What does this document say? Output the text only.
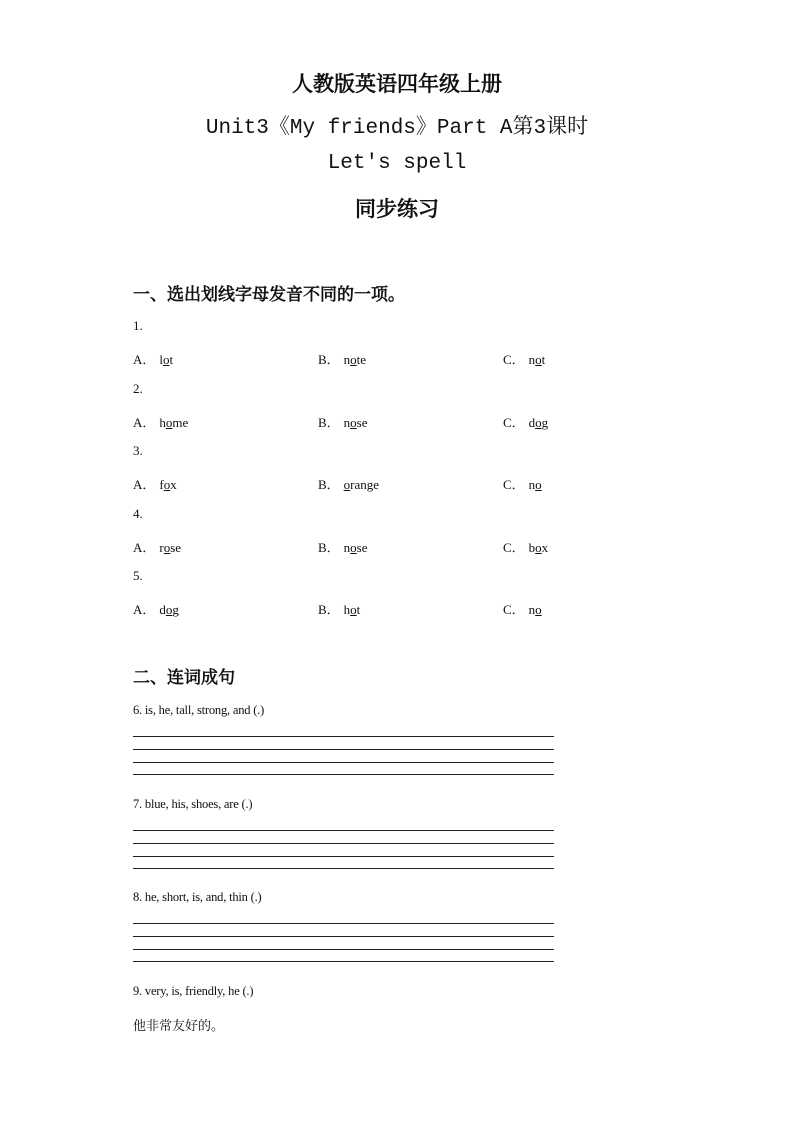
人教版英语四年级上册
Unit3《My friends》Part A第3课时
Let's spell
同步练习
一、选出划线字母发音不同的一项。
1.
A． lot	B． note	C． not
2.
A． home	B． nose	C． dog
3.
A． fox	B． orange	C． no
4.
A． rose	B． nose	C． box
5.
A． dog	B． hot	C． no
二、连词成句
6. is, he, tall, strong, and (.)
7. blue, his, shoes, are (.)
8. he, short, is, and, thin (.)
9. very, is, friendly, he (.)
他非常友好的。
